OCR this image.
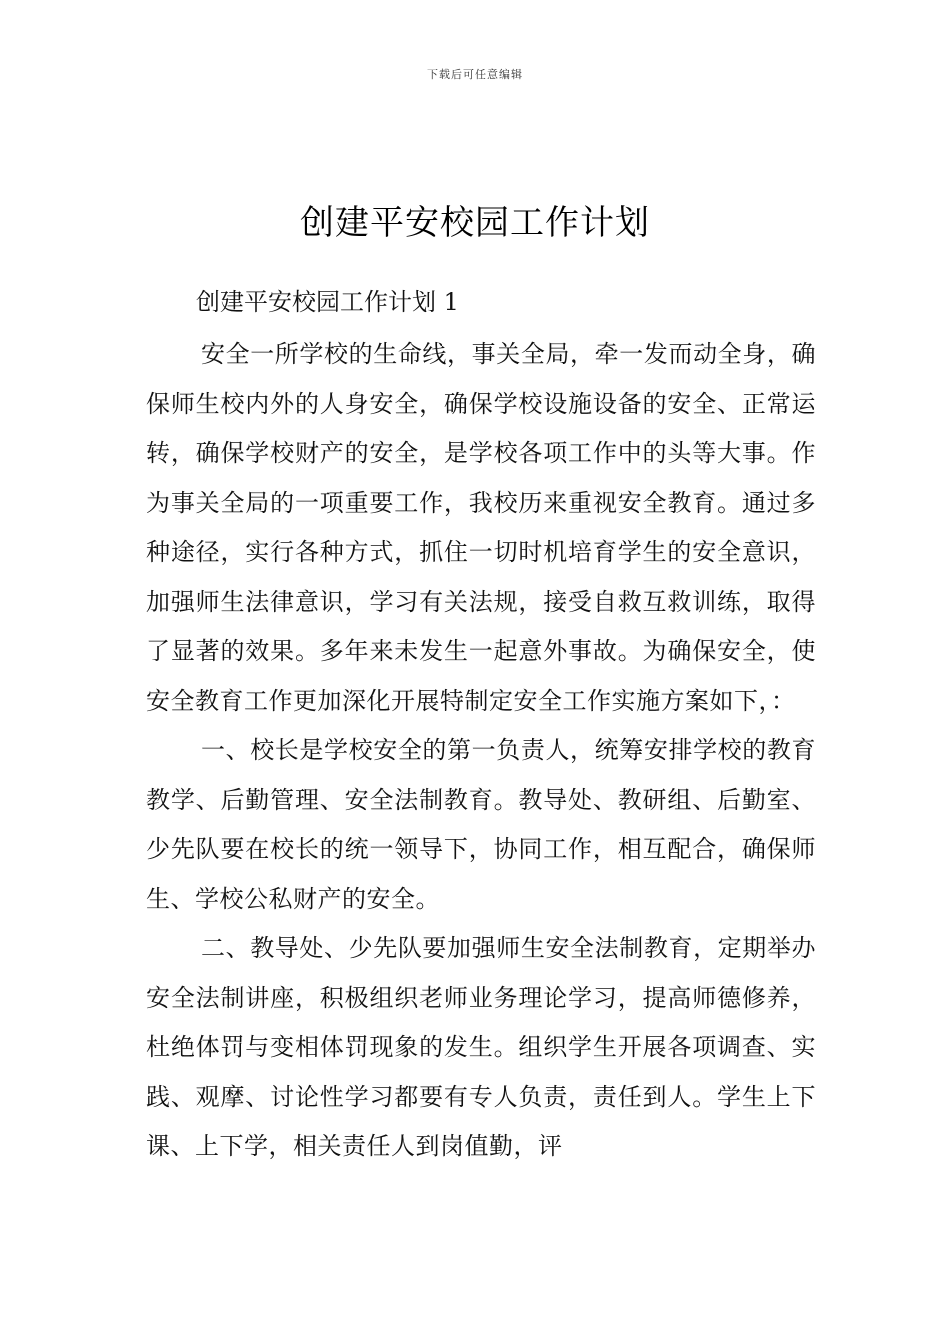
下载后可任意编辑
创建平安校园工作计划
创建平安校园工作计划 1

安全一所学校的生命线，事关全局，牵一发而动全身，确保师生校内外的人身安全，确保学校设施设备的安全、正常运转，确保学校财产的安全，是学校各项工作中的头等大事。作为事关全局的一项重要工作，我校历来重视安全教育。通过多种途径，实行各种方式，抓住一切时机培育学生的安全意识，加强师生法律意识，学习有关法规，接受自救互救训练，取得了显著的效果。多年来未发生一起意外事故。为确保安全，使安全教育工作更加深化开展特制定安全工作实施方案如下，：

一、校长是学校安全的第一负责人，统筹安排学校的教育教学、后勤管理、安全法制教育。教导处、教研组、后勤室、少先队要在校长的统一领导下，协同工作，相互配合，确保师生、学校公私财产的安全。

二、教导处、少先队要加强师生安全法制教育，定期举办安全法制讲座，积极组织老师业务理论学习，提高师德修养，杜绝体罚与变相体罚现象的发生。组织学生开展各项调查、实践、观摩、讨论性学习都要有专人负责，责任到人。学生上下课、上下学，相关责任人到岗值勤，评
